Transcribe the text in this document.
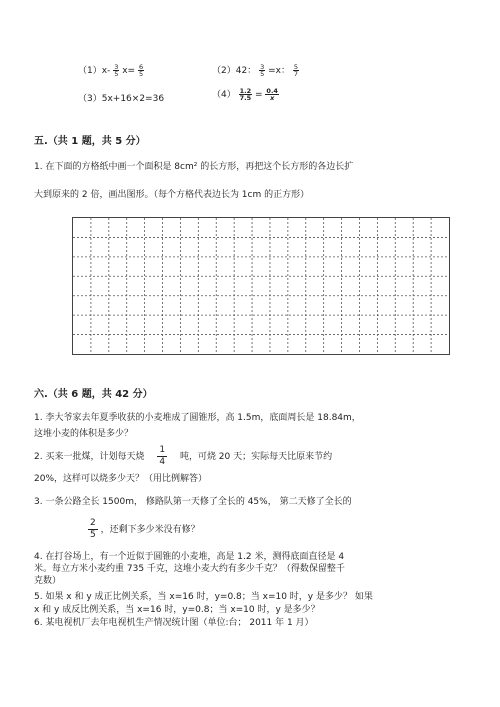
$(1)x- \frac{3}{5} x= \frac{6}{5}$	（2）42： $\frac{3}{5} =x$： $\frac{5}{7}$
（3）5x+16×2=36	$(4) \frac{1.2}{7.5} = \frac{0.4}{x}$
五.（共 1 题，共 5 分）
1. 在下面的方格纸中画一个面积是 8cm² 的长方形，再把这个长方形的各边长扩
大到原来的 2 倍，画出图形。（每个方格代表边长为 1cm 的正方形）
六.（共 6 题，共 42 分）
1. 李大爷家去年夏季收获的小麦堆成了圆锥形，高 1.5m，底面周长是 18.84m，
这堆小麦的体积是多少？
2. 买来一批煤，计划每天烧 $\frac{1}{4}$ 吨，可烧 20 天；实际每天比原来节约
20%，这样可以烧多少天？（用比例解答）
3. 一条公路全长 1500m， 修路队第一天修了全长的 45%， 第二天修了全长的
$\frac{2}{5}$ ，还剩下多少米没有修？
4. 在打谷场上，有一个近似于圆锥的小麦堆，高是 1.2 米，测得底面直径是 4
米。每立方米小麦约重 735 千克，这堆小麦大约有多少千克？（得数保留整千
克数）
5. 如果 x 和 y 成正比例关系，当 x=16 时，y=0.8；当 x=10 时，y 是多少？ 如果
x 和 y 成反比例关系，当 x=16 时，y=0.8；当 x=10 时，y 是多少？
6. 某电视机厂去年电视机生产情况统计图（单位:台； 2011 年 1 月）
